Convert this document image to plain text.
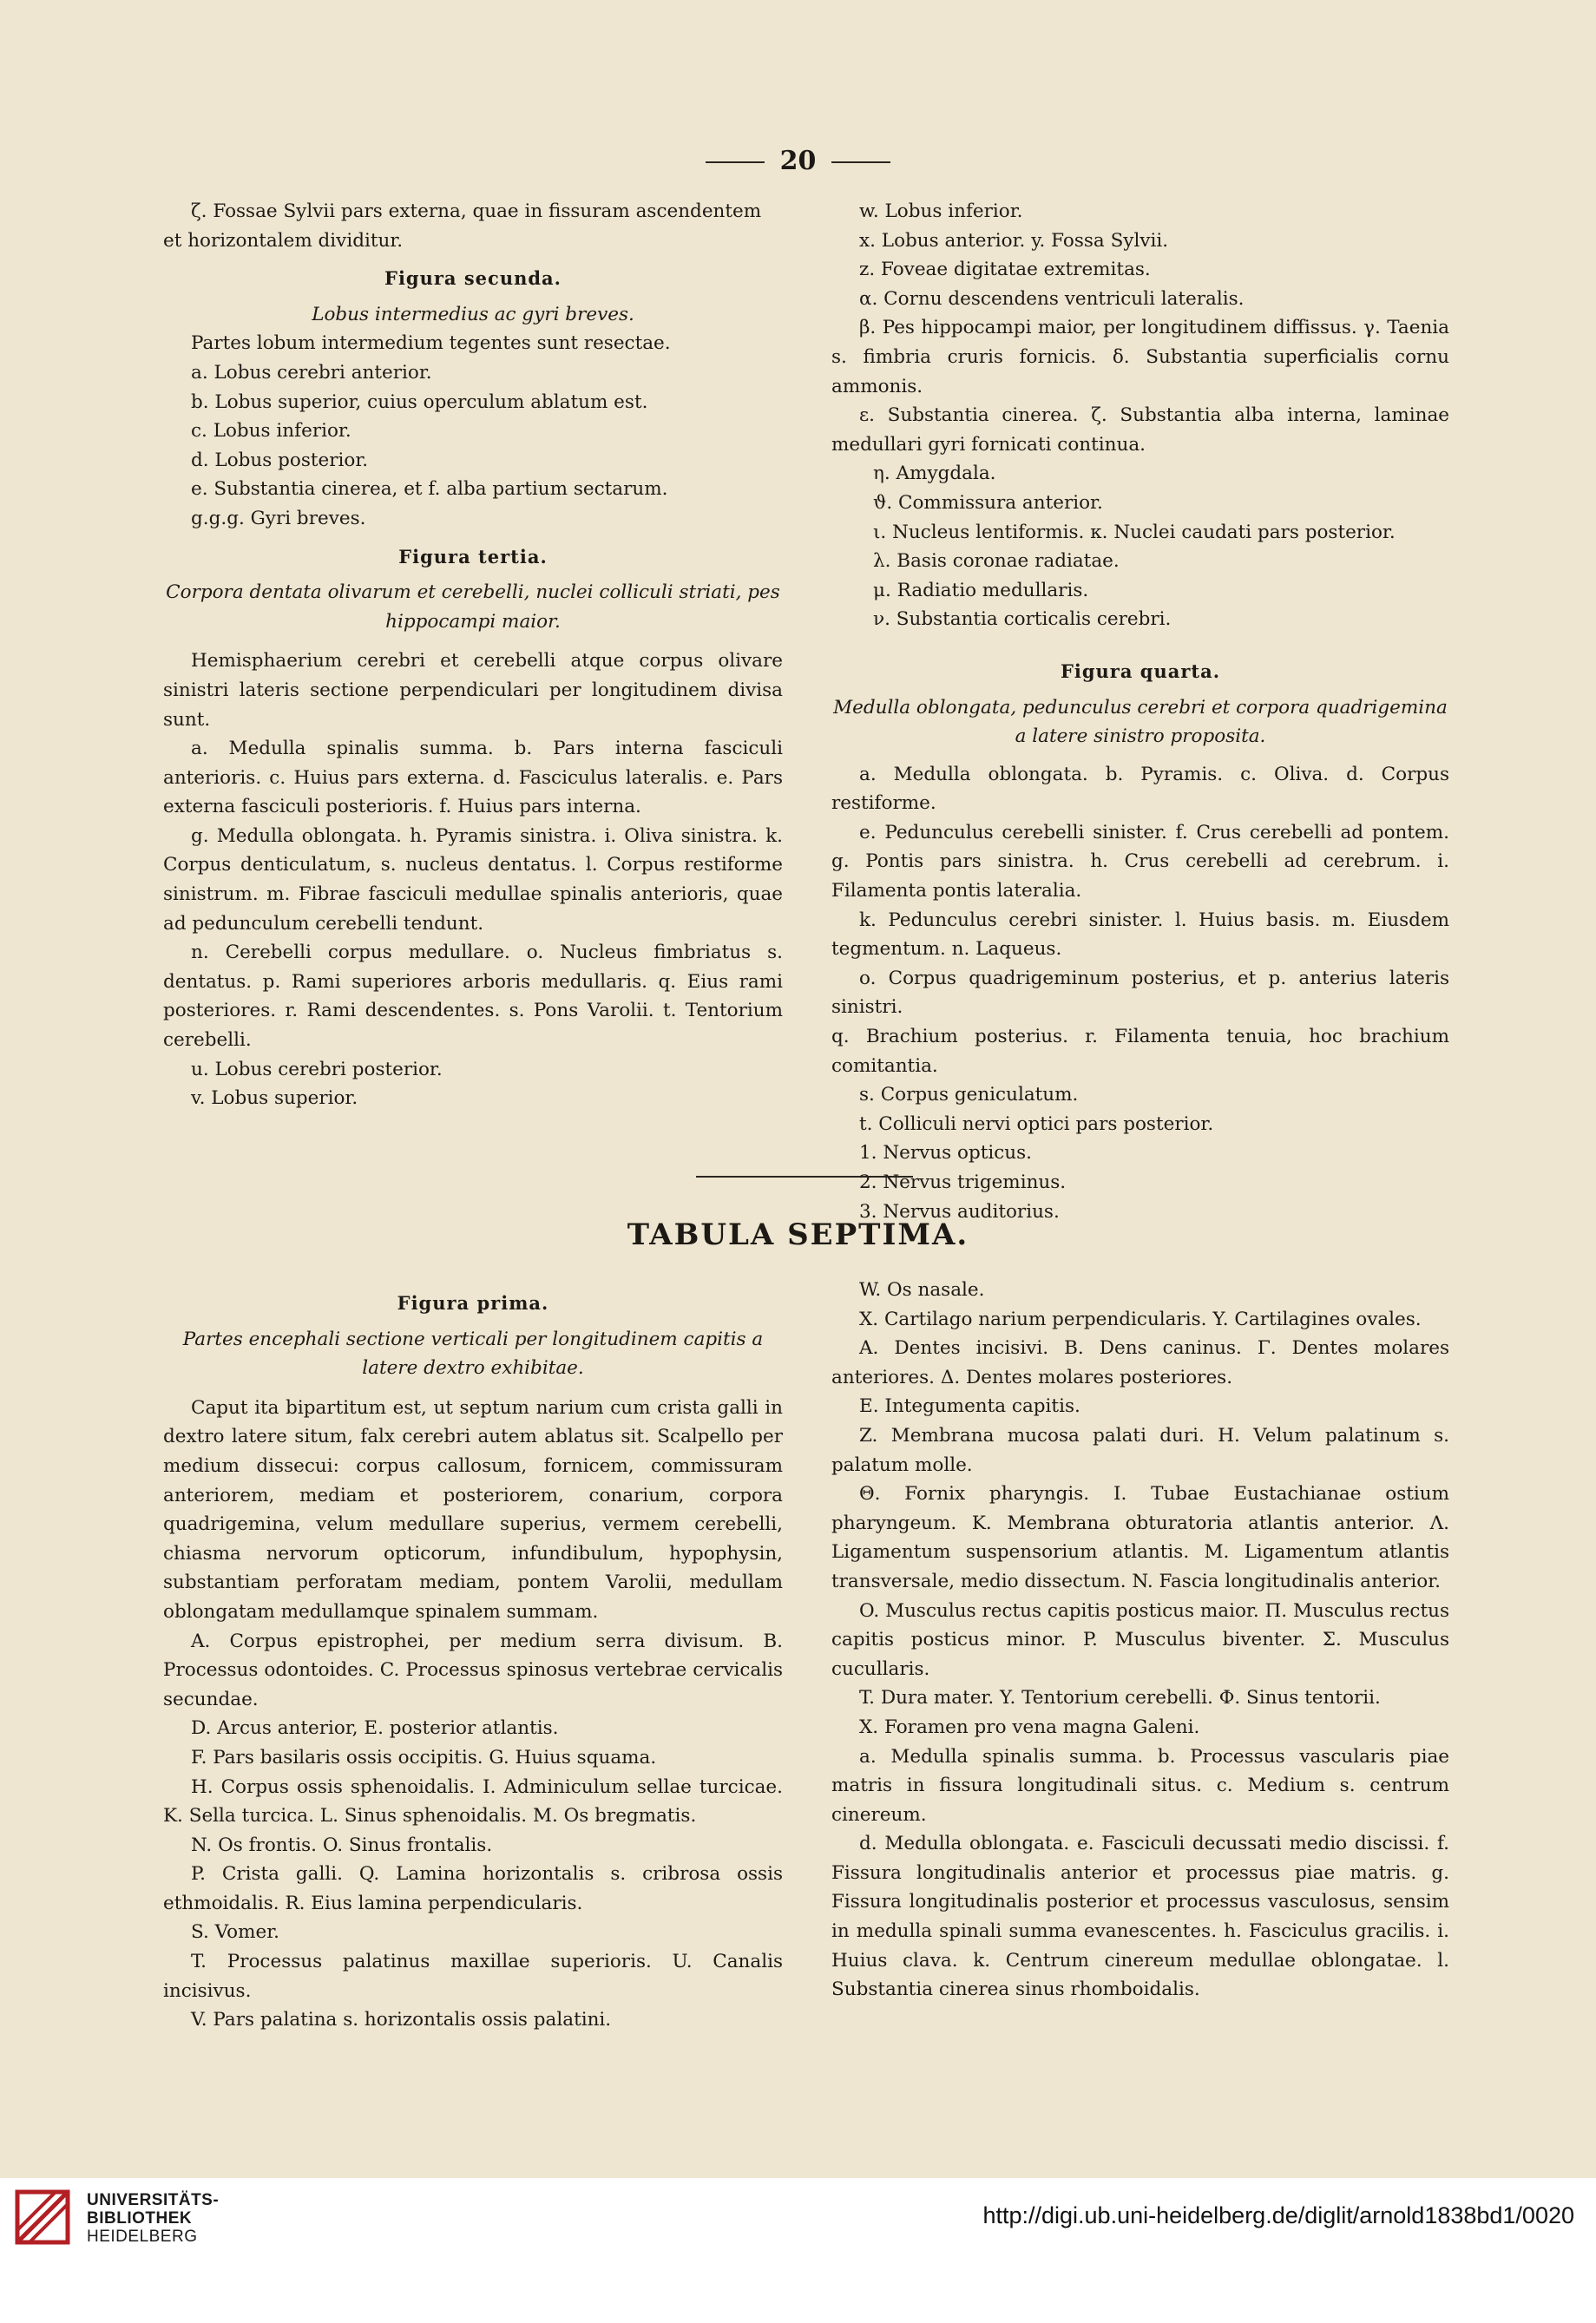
20

ζ. Fossae Sylvii pars externa, quae in fissuram ascendentem

et horizontalem dividitur.

Figura secunda.

Lobus intermedius ac gyri breves.

Partes lobum intermedium tegentes sunt resectae.

a. Lobus cerebri anterior.

b. Lobus superior, cuius operculum ablatum est.

c. Lobus inferior.

d. Lobus posterior.

e. Substantia cinerea, et f. alba partium sectarum.

g.g.g. Gyri breves.

Figura tertia.

Corpora dentata olivarum et cerebelli, nuclei colliculi striati, pes hippocampi maior.

Hemisphaerium cerebri et cerebelli atque corpus olivare sinistri lateris sectione perpendiculari per longitudinem divisa sunt.

a. Medulla spinalis summa. b. Pars interna fasciculi anterioris. c. Huius pars externa. d. Fasciculus lateralis. e. Pars externa fasciculi posterioris. f. Huius pars interna.

g. Medulla oblongata. h. Pyramis sinistra. i. Oliva sinistra. k. Corpus denticulatum, s. nucleus dentatus. l. Corpus restiforme sinistrum. m. Fibrae fasciculi medullae spinalis anterioris, quae ad pedunculum cerebelli tendunt.

n. Cerebelli corpus medullare. o. Nucleus fimbriatus s. dentatus. p. Rami superiores arboris medullaris. q. Eius rami posteriores. r. Rami descendentes. s. Pons Varolii. t. Tentorium cerebelli.

u. Lobus cerebri posterior.

v. Lobus superior.

w. Lobus inferior.

x. Lobus anterior. y. Fossa Sylvii.

z. Foveae digitatae extremitas.

α. Cornu descendens ventriculi lateralis.

β. Pes hippocampi maior, per longitudinem diffissus. γ. Taenia s. fimbria cruris fornicis. δ. Substantia superficialis cornu ammonis.

ε. Substantia cinerea. ζ. Substantia alba interna, laminae medullari gyri fornicati continua.

η. Amygdala.

ϑ. Commissura anterior.

ι. Nucleus lentiformis. κ. Nuclei caudati pars posterior.

λ. Basis coronae radiatae.

μ. Radiatio medullaris.

ν. Substantia corticalis cerebri.

Figura quarta.

Medulla oblongata, pedunculus cerebri et corpora quadrigemina a latere sinistro proposita.

a. Medulla oblongata. b. Pyramis. c. Oliva. d. Corpus restiforme.

e. Pedunculus cerebelli sinister. f. Crus cerebelli ad pontem. g. Pontis pars sinistra. h. Crus cerebelli ad cerebrum. i. Filamenta pontis lateralia.

k. Pedunculus cerebri sinister. l. Huius basis. m. Eiusdem tegmentum. n. Laqueus.

o. Corpus quadrigeminum posterius, et p. anterius lateris sinistri.

q. Brachium posterius. r. Filamenta tenuia, hoc brachium comitantia.

s. Corpus geniculatum.

t. Colliculi nervi optici pars posterior.

1. Nervus opticus.

2. Nervus trigeminus.

3. Nervus auditorius.

TABULA SEPTIMA.

Figura prima.

Partes encephali sectione verticali per longitudinem capitis a latere dextro exhibitae.

Caput ita bipartitum est, ut septum narium cum crista galli in dextro latere situm, falx cerebri autem ablatus sit. Scalpello per medium dissecui: corpus callosum, fornicem, commissuram anteriorem, mediam et posteriorem, conarium, corpora quadrigemina, velum medullare superius, vermem cerebelli, chiasma nervorum opticorum, infundibulum, hypophysin, substantiam perforatam mediam, pontem Varolii, medullam oblongatam medullamque spinalem summam.

A. Corpus epistrophei, per medium serra divisum. B. Processus odontoides. C. Processus spinosus vertebrae cervicalis secundae.

D. Arcus anterior, E. posterior atlantis.

F. Pars basilaris ossis occipitis. G. Huius squama.

H. Corpus ossis sphenoidalis. I. Adminiculum sellae turcicae. K. Sella turcica. L. Sinus sphenoidalis. M. Os bregmatis.

N. Os frontis. O. Sinus frontalis.

P. Crista galli. Q. Lamina horizontalis s. cribrosa ossis ethmoidalis. R. Eius lamina perpendicularis.

S. Vomer.

T. Processus palatinus maxillae superioris. U. Canalis incisivus.

V. Pars palatina s. horizontalis ossis palatini.

W. Os nasale.

X. Cartilago narium perpendicularis. Y. Cartilagines ovales.

A. Dentes incisivi. B. Dens caninus. Γ. Dentes molares anteriores. Δ. Dentes molares posteriores.

E. Integumenta capitis.

Z. Membrana mucosa palati duri. H. Velum palatinum s. palatum molle.

Θ. Fornix pharyngis. I. Tubae Eustachianae ostium pharyngeum. K. Membrana obturatoria atlantis anterior. Λ. Ligamentum suspensorium atlantis. M. Ligamentum atlantis transversale, medio dissectum. N. Fascia longitudinalis anterior.

O. Musculus rectus capitis posticus maior. Π. Musculus rectus capitis posticus minor. P. Musculus biventer. Σ. Musculus cucullaris.

T. Dura mater. Y. Tentorium cerebelli. Φ. Sinus tentorii.

X. Foramen pro vena magna Galeni.

a. Medulla spinalis summa. b. Processus vascularis piae matris in fissura longitudinali situs. c. Medium s. centrum cinereum.

d. Medulla oblongata. e. Fasciculi decussati medio discissi. f. Fissura longitudinalis anterior et processus piae matris. g. Fissura longitudinalis posterior et processus vasculosus, sensim in medulla spinali summa evanescentes. h. Fasciculus gracilis. i. Huius clava. k. Centrum cinereum medullae oblongatae. l. Substantia cinerea sinus rhomboidalis.

UNIVERSITÄTS-
BIBLIOTHEK
HEIDELBERG
http://digi.ub.uni-heidelberg.de/diglit/arnold1838bd1/0020
